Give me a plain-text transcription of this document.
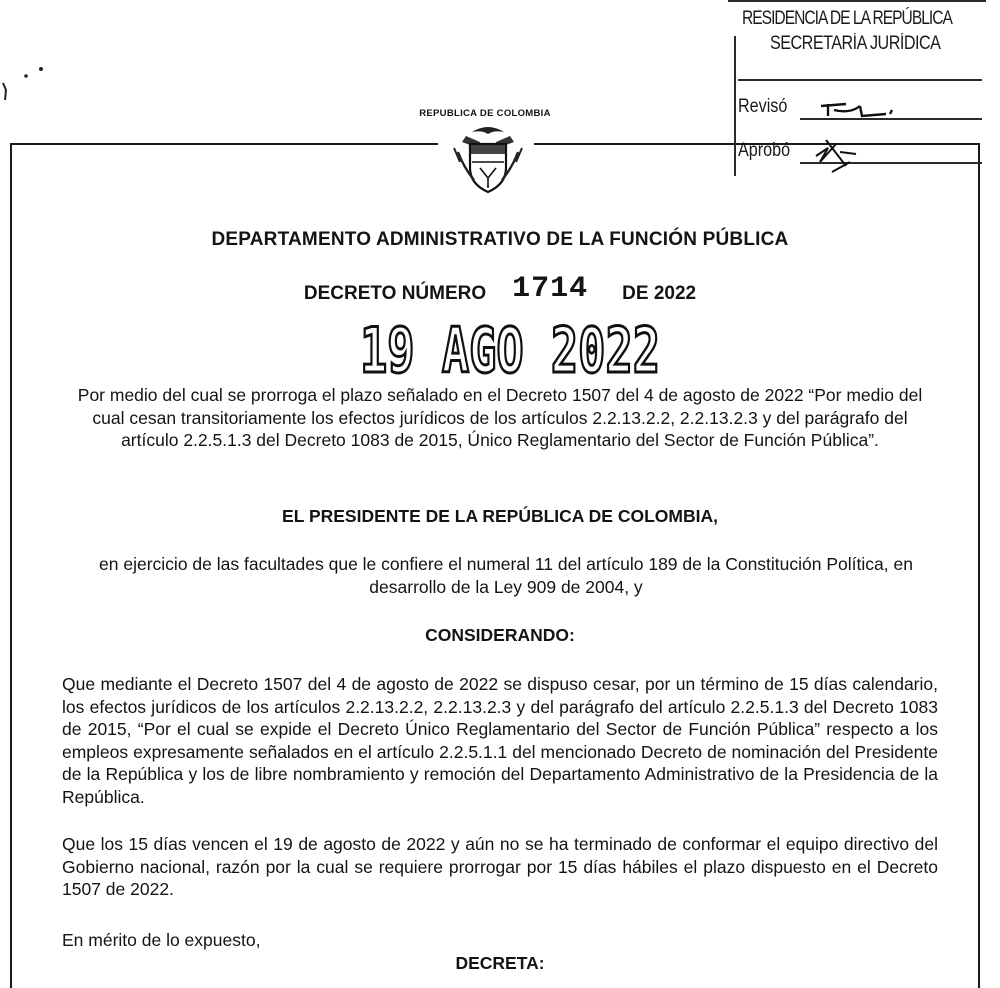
RESIDENCIA DE LA REPÚBLICA
SECRETARÍA JURÍDICA
Revisó
Aprobó
REPUBLICA DE COLOMBIA
DEPARTAMENTO ADMINISTRATIVO DE LA FUNCIÓN PÚBLICA
DECRETO NÚMERO 1714 DE 2022
19 AGO 2022
Por medio del cual se prorroga el plazo señalado en el Decreto 1507 del 4 de agosto de 2022 “Por medio del cual cesan transitoriamente los efectos jurídicos de los artículos 2.2.13.2.2, 2.2.13.2.3 y del parágrafo del artículo 2.2.5.1.3 del Decreto 1083 de 2015, Único Reglamentario del Sector de Función Pública”.
EL PRESIDENTE DE LA REPÚBLICA DE COLOMBIA,
en ejercicio de las facultades que le confiere el numeral 11 del artículo 189 de la Constitución Política, en desarrollo de la Ley 909 de 2004, y
CONSIDERANDO:
Que mediante el Decreto 1507 del 4 de agosto de 2022 se dispuso cesar, por un término de 15 días calendario, los efectos jurídicos de los artículos 2.2.13.2.2, 2.2.13.2.3 y del parágrafo del artículo 2.2.5.1.3 del Decreto 1083 de 2015, “Por el cual se expide el Decreto Único Reglamentario del Sector de Función Pública” respecto a los empleos expresamente señalados en el artículo 2.2.5.1.1 del mencionado Decreto de nominación del Presidente de la República y los de libre nombramiento y remoción del Departamento Administrativo de la Presidencia de la República.
Que los 15 días vencen el 19 de agosto de 2022 y aún no se ha terminado de conformar el equipo directivo del Gobierno nacional, razón por la cual se requiere prorrogar por 15 días hábiles el plazo dispuesto en el Decreto 1507 de 2022.
En mérito de lo expuesto,
DECRETA:
